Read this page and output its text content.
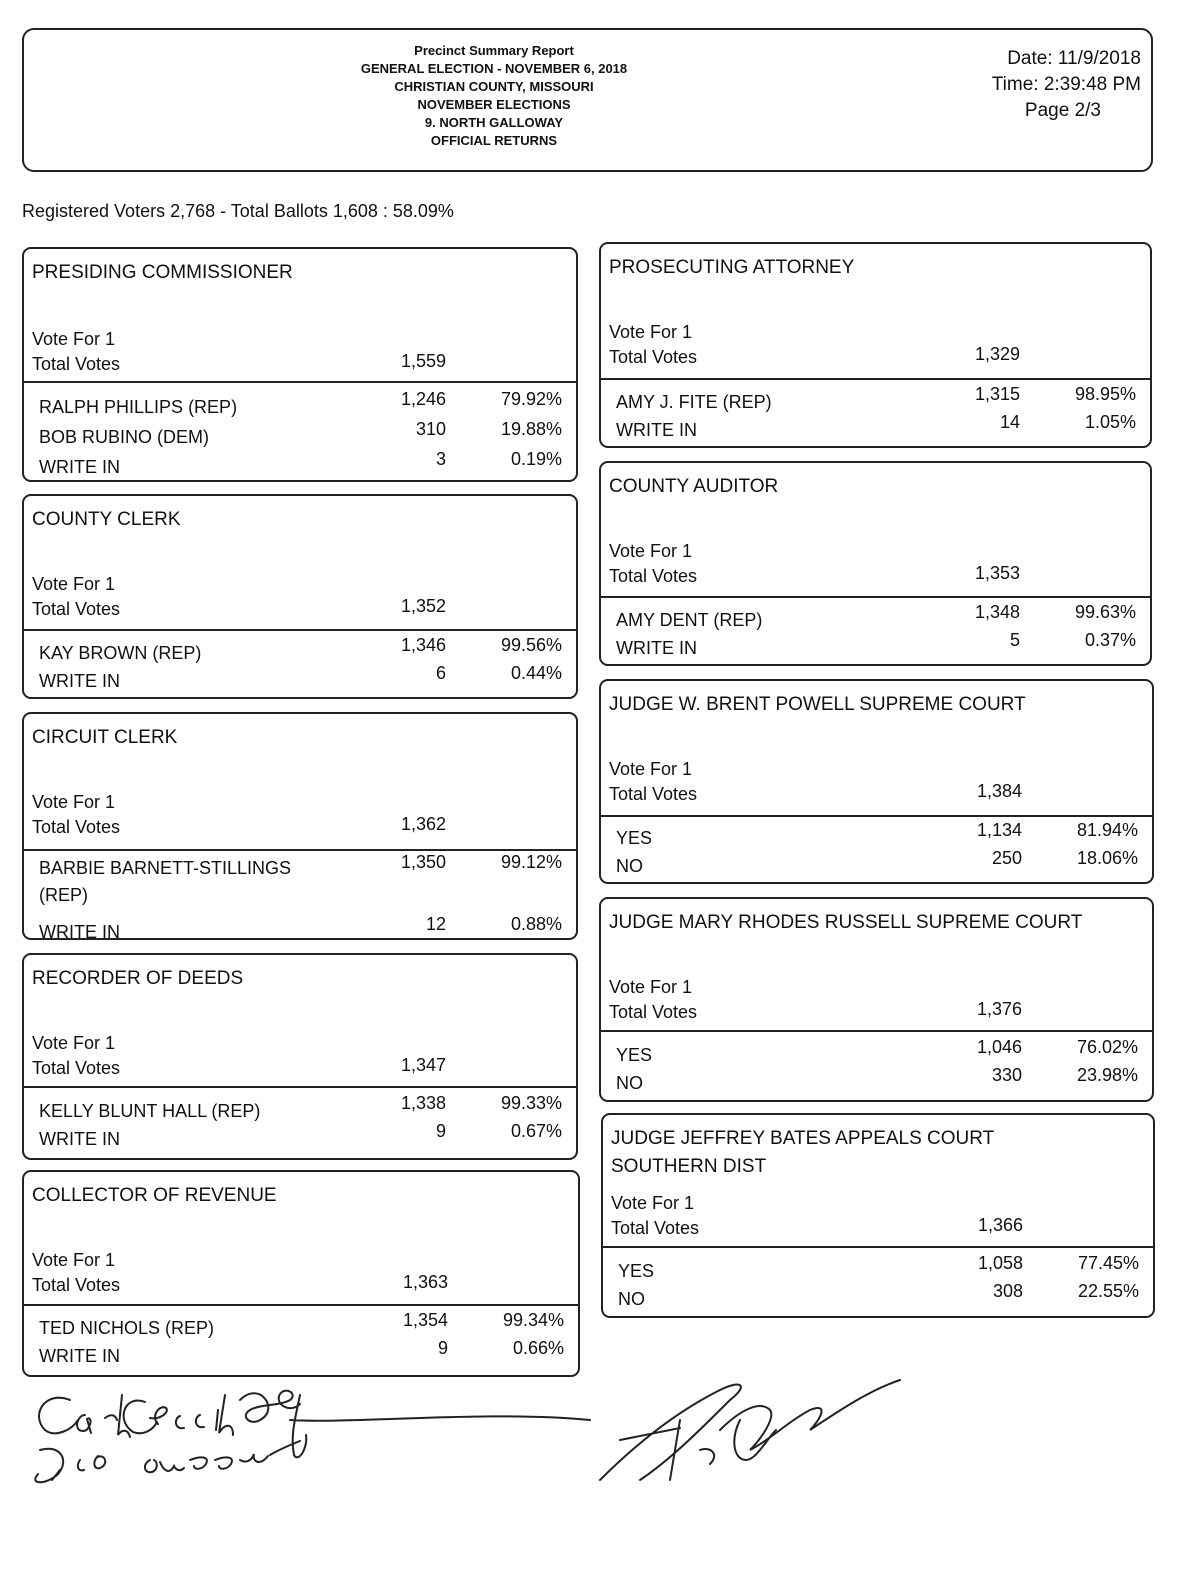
Precinct Summary Report
GENERAL ELECTION - NOVEMBER 6, 2018
CHRISTIAN COUNTY, MISSOURI
NOVEMBER ELECTIONS
9. NORTH GALLOWAY
OFFICIAL RETURNS
Date: 11/9/2018
Time: 2:39:48 PM
Page 2/3
Registered Voters 2,768 - Total Ballots 1,608 : 58.09%
PRESIDING COMMISSIONER
Vote For 1
Total Votes	1,559
RALPH PHILLIPS (REP)	1,246	79.92%
BOB RUBINO (DEM)	310	19.88%
WRITE IN	3	0.19%
COUNTY CLERK
Vote For 1
Total Votes	1,352
KAY BROWN (REP)	1,346	99.56%
WRITE IN	6	0.44%
CIRCUIT CLERK
Vote For 1
Total Votes	1,362
BARBIE BARNETT-STILLINGS
(REP)
1,350	99.12%
WRITE IN	12	0.88%
RECORDER OF DEEDS
Vote For 1
Total Votes	1,347
KELLY BLUNT HALL (REP)	1,338	99.33%
WRITE IN	9	0.67%
COLLECTOR OF REVENUE
Vote For 1
Total Votes	1,363
TED NICHOLS (REP)	1,354	99.34%
WRITE IN	9	0.66%
PROSECUTING ATTORNEY
Vote For 1
Total Votes	1,329
AMY J. FITE (REP)	1,315	98.95%
WRITE IN	14	1.05%
COUNTY AUDITOR
Vote For 1
Total Votes	1,353
AMY DENT (REP)	1,348	99.63%
WRITE IN	5	0.37%
JUDGE W. BRENT POWELL SUPREME COURT
Vote For 1
Total Votes	1,384
YES	1,134	81.94%
NO	250	18.06%
JUDGE MARY RHODES RUSSELL SUPREME COURT
Vote For 1
Total Votes	1,376
YES	1,046	76.02%
NO	330	23.98%
JUDGE JEFFREY BATES APPEALS COURT
SOUTHERN DIST
Vote For 1
Total Votes	1,366
YES	1,058	77.45%
NO	308	22.55%
